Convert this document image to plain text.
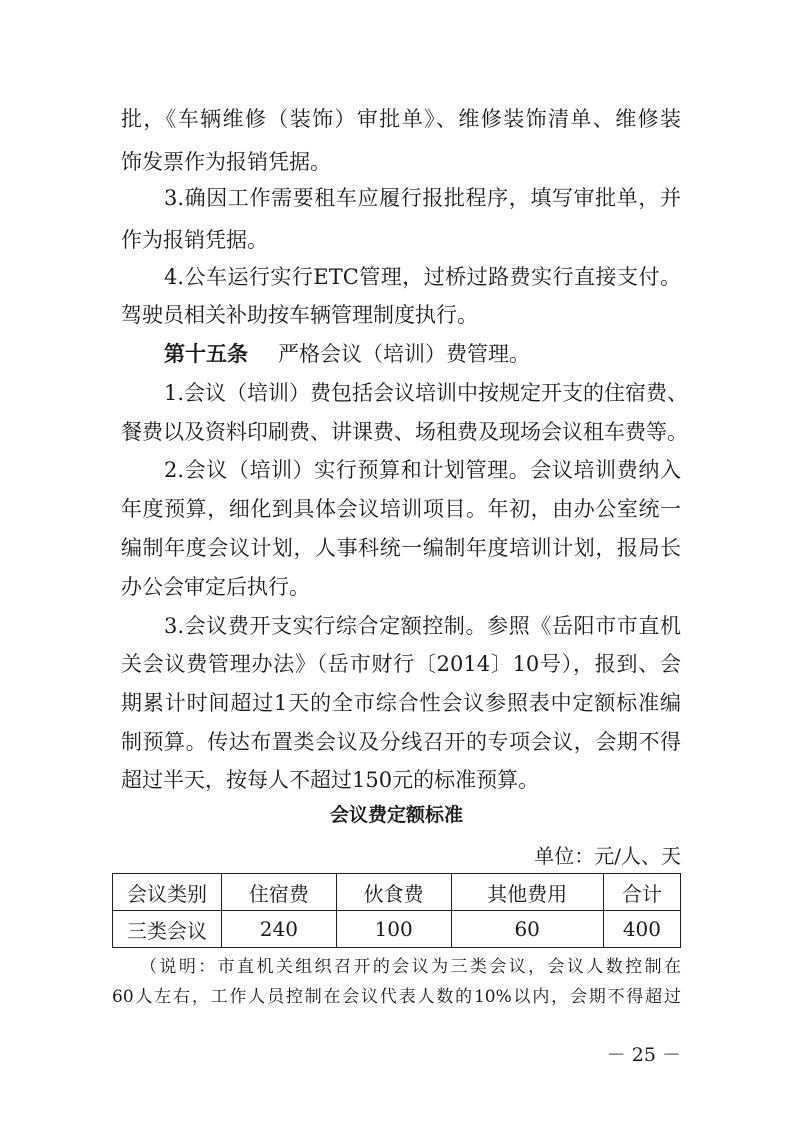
批，《车辆维修（装饰）审批单》、维修装饰清单、维修装
饰发票作为报销凭据。
3.确因工作需要租车应履行报批程序，填写审批单，并
作为报销凭据。
4.公车运行实行ETC管理，过桥过路费实行直接支付。
驾驶员相关补助按车辆管理制度执行。
第十五条 严格会议（培训）费管理。
1.会议（培训）费包括会议培训中按规定开支的住宿费、
餐费以及资料印刷费、讲课费、场租费及现场会议租车费等。
2.会议（培训）实行预算和计划管理。会议培训费纳入
年度预算，细化到具体会议培训项目。年初，由办公室统一
编制年度会议计划，人事科统一编制年度培训计划，报局长
办公会审定后执行。
3.会议费开支实行综合定额控制。参照《岳阳市市直机
关会议费管理办法》（岳市财行〔2014〕10号），报到、会
期累计时间超过1天的全市综合性会议参照表中定额标准编
制预算。传达布置类会议及分线召开的专项会议，会期不得
超过半天，按每人不超过150元的标准预算。
会议费定额标准
单位：元/人、天
会议类别	住宿费	伙食费	其他费用	合计
三类会议	240	100	60	400
（说明：市直机关组织召开的会议为三类会议，会议人数控制在
60人左右，工作人员控制在会议代表人数的10%以内，会期不得超过
－ 25 －
